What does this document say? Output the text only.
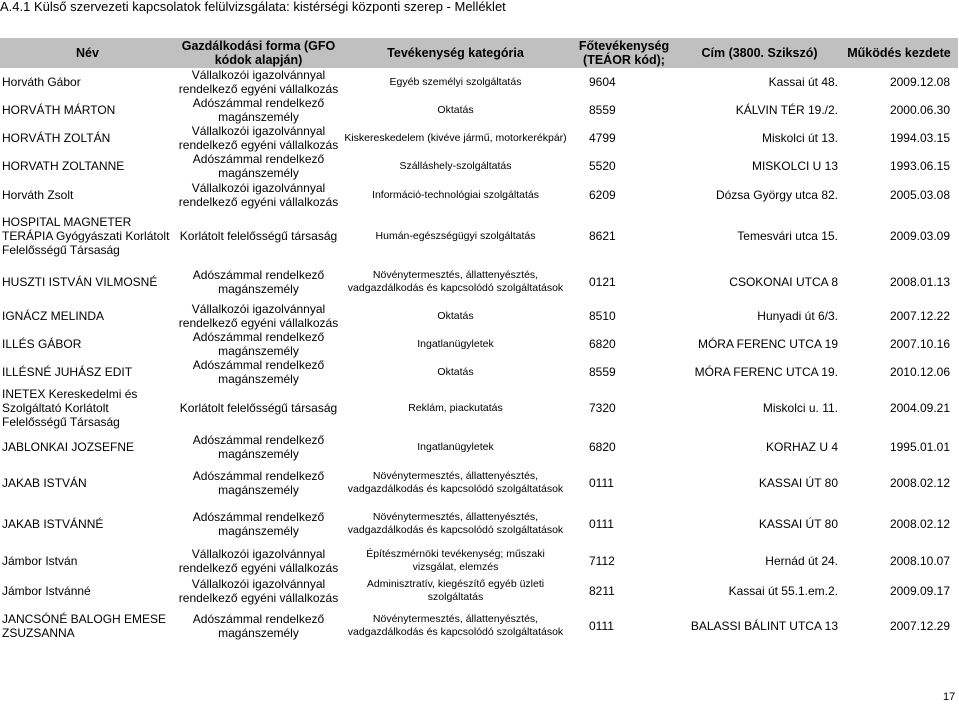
A.4.1 Külső szervezeti kapcsolatok felülvizsgálata: kistérségi központi szerep - Melléklet
Név	Gazdálkodási forma (GFO kódok alapján)	Tevékenység kategória	Főtevékenység (TEÁOR kód);	Cím (3800. Szikszó)	Működés kezdete
Horváth Gábor	Vállalkozói igazolvánnyal rendelkező egyéni vállalkozás	Egyéb személyi szolgáltatás	9604	Kassai út 48.	2009.12.08
HORVÁTH MÁRTON	Adószámmal rendelkező magánszemély	Oktatás	8559	KÁLVIN TÉR 19./2.	2000.06.30
HORVÁTH ZOLTÁN	Vállalkozói igazolvánnyal rendelkező egyéni vállalkozás	Kiskereskedelem (kivéve jármű, motorkerékpár)	4799	Miskolci út 13.	1994.03.15
HORVATH ZOLTANNE	Adószámmal rendelkező magánszemély	Szálláshely-szolgáltatás	5520	MISKOLCI U 13	1993.06.15
Horváth Zsolt	Vállalkozói igazolvánnyal rendelkező egyéni vállalkozás	Információ-technológiai szolgáltatás	6209	Dózsa György utca 82.	2005.03.08
HOSPITAL MAGNETER TERÁPIA Gyógyászati Korlátolt Felelősségű Társaság	Korlátolt felelősségű társaság	Humán-egészségügyi szolgáltatás	8621	Temesvári utca 15.	2009.03.09
HUSZTI ISTVÁN VILMOSNÉ	Adószámmal rendelkező magánszemély	Növénytermesztés, állattenyésztés, vadgazdálkodás és kapcsolódó szolgáltatások	0121	CSOKONAI UTCA 8	2008.01.13
IGNÁCZ MELINDA	Vállalkozói igazolvánnyal rendelkező egyéni vállalkozás	Oktatás	8510	Hunyadi út 6/3.	2007.12.22
ILLÉS GÁBOR	Adószámmal rendelkező magánszemély	Ingatlanügyletek	6820	MÓRA FERENC UTCA 19	2007.10.16
ILLÉSNÉ JUHÁSZ EDIT	Adószámmal rendelkező magánszemély	Oktatás	8559	MÓRA FERENC UTCA 19.	2010.12.06
INETEX Kereskedelmi és Szolgáltató Korlátolt Felelősségű Társaság	Korlátolt felelősségű társaság	Reklám, piackutatás	7320	Miskolci u. 11.	2004.09.21
JABLONKAI JOZSEFNE	Adószámmal rendelkező magánszemély	Ingatlanügyletek	6820	KORHAZ U 4	1995.01.01
JAKAB ISTVÁN	Adószámmal rendelkező magánszemély	Növénytermesztés, állattenyésztés, vadgazdálkodás és kapcsolódó szolgáltatások	0111	KASSAI ÚT 80	2008.02.12
JAKAB ISTVÁNNÉ	Adószámmal rendelkező magánszemély	Növénytermesztés, állattenyésztés, vadgazdálkodás és kapcsolódó szolgáltatások	0111	KASSAI ÚT 80	2008.02.12
Jámbor István	Vállalkozói igazolvánnyal rendelkező egyéni vállalkozás	Építészmérnöki tevékenység; műszaki vizsgálat, elemzés	7112	Hernád út 24.	2008.10.07
Jámbor Istvánné	Vállalkozói igazolvánnyal rendelkező egyéni vállalkozás	Adminisztratív, kiegészítő egyéb üzleti szolgáltatás	8211	Kassai út 55.1.em.2.	2009.09.17
JANCSÓNÉ BALOGH EMESE ZSUZSANNA	Adószámmal rendelkező magánszemély	Növénytermesztés, állattenyésztés, vadgazdálkodás és kapcsolódó szolgáltatások	0111	BALASSI BÁLINT UTCA 13	2007.12.29
17
